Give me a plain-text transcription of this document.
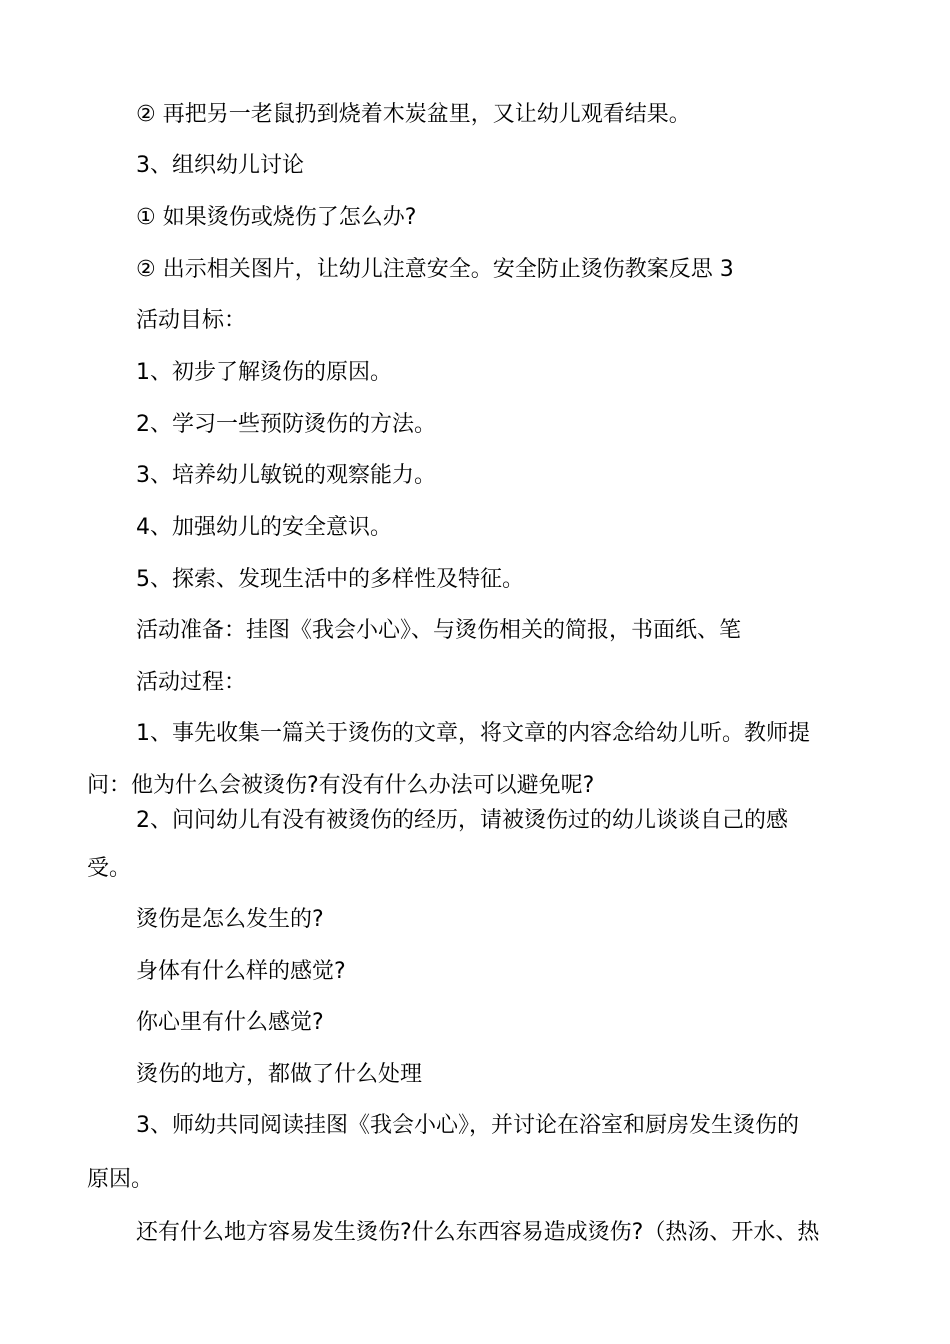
② 再把另一老鼠扔到烧着木炭盆里，又让幼儿观看结果。
3、组织幼儿讨论
① 如果烫伤或烧伤了怎么办?
② 出示相关图片，让幼儿注意安全。安全防止烫伤教案反思 3
活动目标：
1、初步了解烫伤的原因。
2、学习一些预防烫伤的方法。
3、培养幼儿敏锐的观察能力。
4、加强幼儿的安全意识。
5、探索、发现生活中的多样性及特征。
活动准备：挂图《我会小心》、与烫伤相关的简报，书面纸、笔
活动过程：
1、事先收集一篇关于烫伤的文章，将文章的内容念给幼儿听。教师提
问：他为什么会被烫伤?有没有什么办法可以避免呢?
2、问问幼儿有没有被烫伤的经历，请被烫伤过的幼儿谈谈自己的感
受。
烫伤是怎么发生的?
身体有什么样的感觉?
你心里有什么感觉?
烫伤的地方，都做了什么处理
3、师幼共同阅读挂图《我会小心》，并讨论在浴室和厨房发生烫伤的
原因。
还有什么地方容易发生烫伤?什么东西容易造成烫伤?（热汤、开水、热
